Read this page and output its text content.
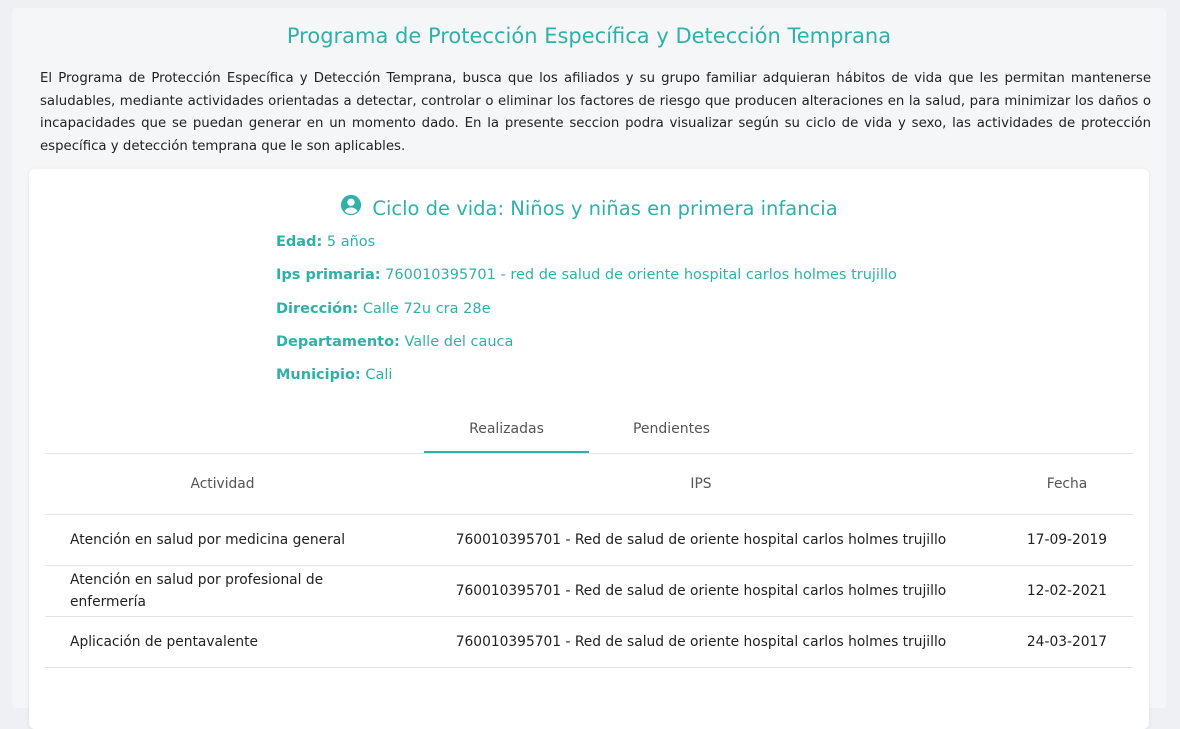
Programa de Protección Específica y Detección Temprana

El Programa de Protección Específica y Detección Temprana, busca que los afiliados y su grupo familiar adquieran hábitos de vida que les permitan mantenerse saludables, mediante actividades orientadas a detectar, controlar o eliminar los factores de riesgo que producen alteraciones en la salud, para minimizar los daños o incapacidades que se puedan generar en un momento dado. En la presente seccion podra visualizar según su ciclo de vida y sexo, las actividades de protección específica y detección temprana que le son aplicables.

Ciclo de vida: Niños y niñas en primera infancia
Edad: 5 años
Ips primaria: 760010395701 - red de salud de oriente hospital carlos holmes trujillo
Dirección: Calle 72u cra 28e
Departamento: Valle del cauca
Municipio: Cali
Realizadas	Pendientes
Actividad	IPS	Fecha
Atención en salud por medicina general	760010395701 - Red de salud de oriente hospital carlos holmes trujillo	17-09-2019
Atención en salud por profesional de enfermería	760010395701 - Red de salud de oriente hospital carlos holmes trujillo	12-02-2021
Aplicación de pentavalente	760010395701 - Red de salud de oriente hospital carlos holmes trujillo	24-03-2017
